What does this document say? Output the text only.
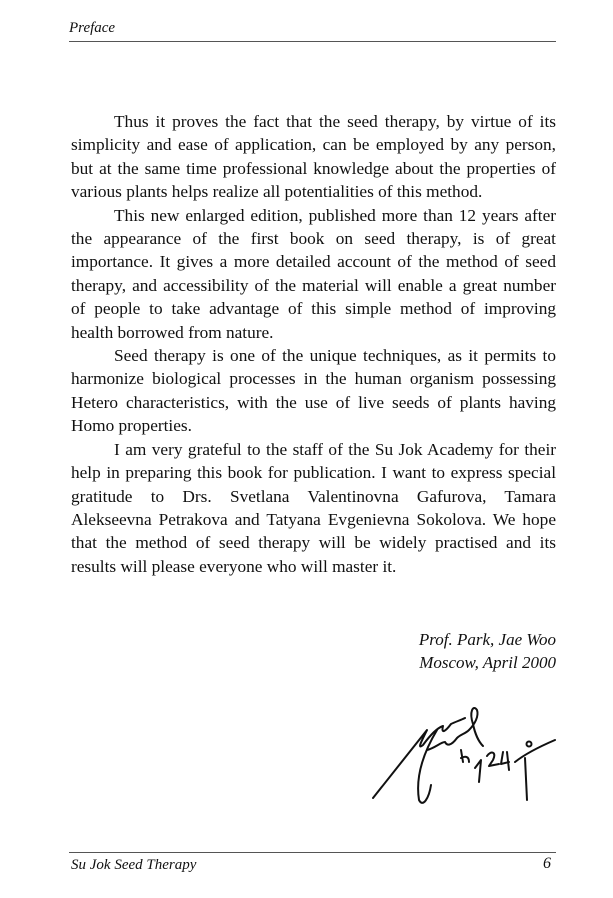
Preface

Thus it proves the fact that the seed therapy, by virtue of its simplicity and ease of application, can be employed by any person, but at the same time professional knowledge about the properties of various plants helps realize all potentialities of this method.

This new enlarged edition, published more than 12 years after the appearance of the first book on seed therapy, is of great importance. It gives a more detailed account of the method of seed therapy, and accessibility of the material will enable a great number of people to take advantage of this simple method of improving health borrowed from nature.

Seed therapy is one of the unique techniques, as it permits to harmonize biological processes in the human organism possessing Hetero characteristics, with the use of live seeds of plants having Homo properties.

I am very grateful to the staff of the Su Jok Academy for their help in preparing this book for publication. I want to express special gratitude to Drs. Svetlana Valentinovna Gafurova, Tamara Alekseevna Petrakova and Tatyana Evgenievna Sokolova. We hope that the method of seed therapy will be widely practised and its results will please everyone who will master it.

Prof. Park, Jae Woo
Moscow, April 2000
Su Jok Seed Therapy	6
